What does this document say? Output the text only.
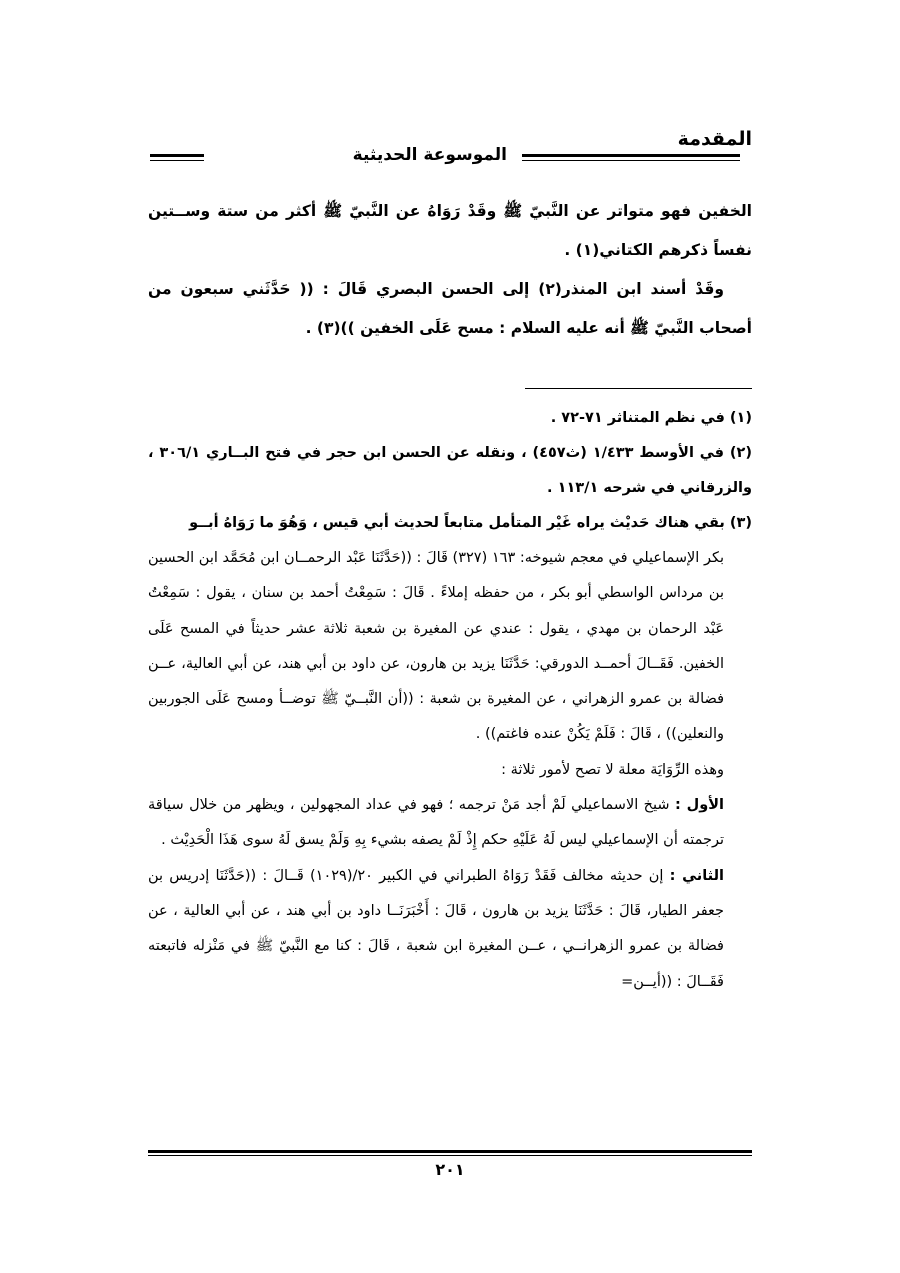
المقدمة
الموسوعة الحديثية

الخفين فهو متواتر عن النَّبيّ ﷺ وقَدْ رَوَاهُ عن النَّبيّ ﷺ أكثر من ستة وســتين نفساً ذكرهم الكتاني(١) .

وقَدْ أسند ابن المنذر(٢) إلى الحسن البصري قَالَ : (( حَدَّثَني سبعون من أصحاب النَّبيّ ﷺ أنه عليه السلام : مسح عَلَى الخفين ))(٣) .

(١) في نظم المتناثر ٧١-٧٢ .

(٢) في الأوسط ١/٤٣٣ (ث٤٥٧) ، ونقله عن الحسن ابن حجر في فتح البــاري ٣٠٦/١ ، والزرقاني في شرحه ١١٣/١ .

(٣) بقي هناك حَديْث يراه غَيْر المتأمل متابعاً لحديث أبي قيس ، وَهُوَ ما رَوَاهُ أبــو

بكر الإسماعيلي في معجم شيوخه: ١٦٣ (٣٢٧) قَالَ : ((حَدَّثَنَا عَبْد الرحمــان ابن مُحَمَّد ابن الحسين بن مرداس الواسطي أبو بكر ، من حفظه إملاءً . قَالَ : سَمِعْتُ أحمد بن سنان ، يقول : سَمِعْتُ عَبْد الرحمان بن مهدي ، يقول : عندي عن المغيرة بن شعبة ثلاثة عشر حديثاً في المسح عَلَى الخفين. فَقَــالَ أحمــد الدورقي: حَدَّثَنَا يزيد بن هارون، عن داود بن أبي هند، عن أبي العالية، عــن فضالة بن عمرو الزهراني ، عن المغيرة بن شعبة : ((أن النَّبــيّ ﷺ توضــأ ومسح عَلَى الجوربين والنعلين)) ، قَالَ : فَلَمْ يَكُنْ عنده فاغتم)) .

وهذه الرِّوَايَة معلة لا تصح لأمور ثلاثة :

الأول : شيخ الاسماعيلي لَمْ أجد مَنْ ترجمه ؛ فهو في عداد المجهولين ، ويظهر من خلال سياقة ترجمته أن الإسماعيلي ليس لَهُ عَلَيْهِ حكم إِذْ لَمْ يصفه بشيء بِهِ وَلَمْ يسق لَهُ سوى هَذَا الْحَدِيْث .

الثاني : إن حديثه مخالف فَقَدْ رَوَاهُ الطبراني في الكبير ٢٠/(١٠٢٩) قَــالَ : ((حَدَّثَنَا إدريس بن جعفر الطيار، قَالَ : حَدَّثَنَا يزيد بن هارون ، قَالَ : أَخْبَرَنَــا داود بن أبي هند ، عن أبي العالية ، عن فضالة بن عمرو الزهرانــي ، عــن المغيرة ابن شعبة ، قَالَ : كنا مع النَّبيّ ﷺ في مَنْزله فاتبعته فَقَــالَ : ((أيــن=

٢٠١
